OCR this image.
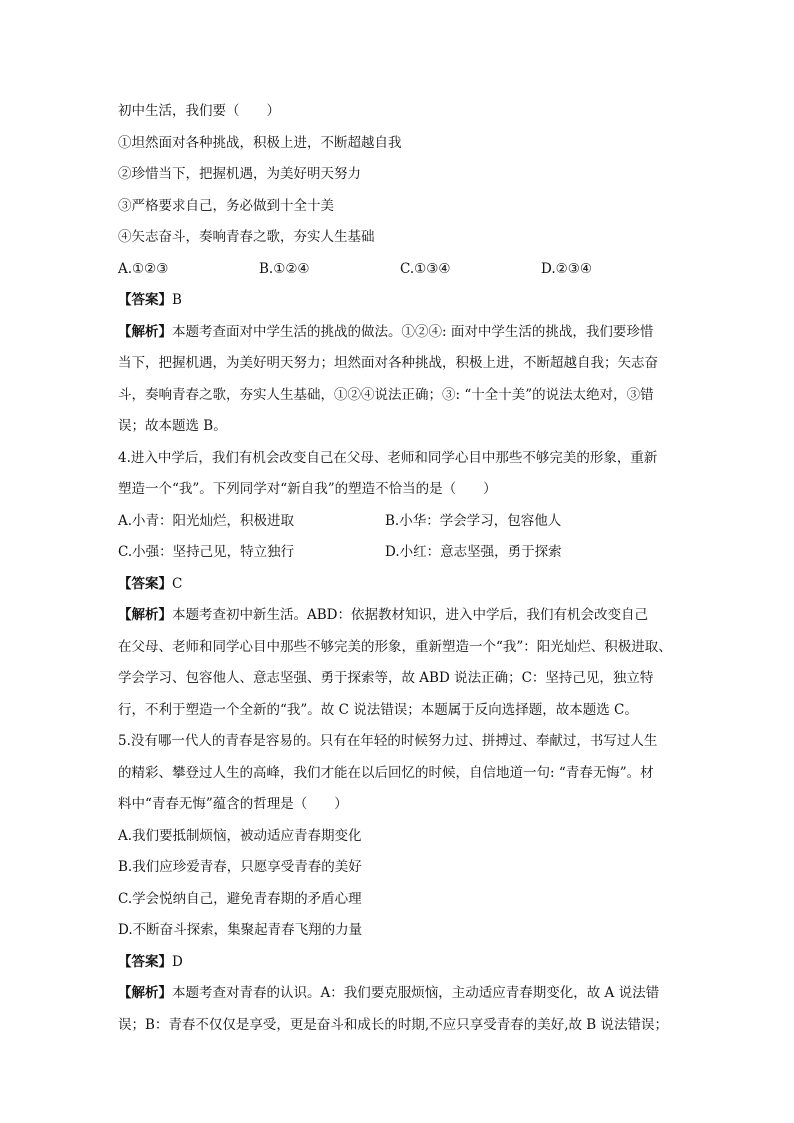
初中生活，我们要（　　）

①坦然面对各种挑战，积极上进，不断超越自我

②珍惜当下，把握机遇，为美好明天努力

③严格要求自己，务必做到十全十美

④矢志奋斗，奏响青春之歌，夯实人生基础

A.①②③	B.①②④	C.①③④	D.②③④

【答案】B

【解析】本题考查面对中学生活的挑战的做法。①②④: 面对中学生活的挑战，我们要珍惜

当下，把握机遇，为美好明天努力；坦然面对各种挑战，积极上进，不断超越自我；矢志奋

斗，奏响青春之歌，夯实人生基础，①②④说法正确；③: “十全十美”的说法太绝对，③错

误；故本题选 B。

4.进入中学后，我们有机会改变自己在父母、老师和同学心目中那些不够完美的形象，重新

塑造一个“我”。下列同学对“新自我”的塑造不恰当的是（　　）

A.小青：阳光灿烂，积极进取	B.小华：学会学习，包容他人
C.小强：坚持己见，特立独行	D.小红：意志坚强，勇于探索

【答案】C

【解析】本题考查初中新生活。ABD：依据教材知识，进入中学后，我们有机会改变自己

在父母、老师和同学心目中那些不够完美的形象，重新塑造一个“我”：阳光灿烂、积极进取、

学会学习、包容他人、意志坚强、勇于探索等，故 ABD 说法正确；C：坚持己见，独立特

行，不利于塑造一个全新的“我”。故 C 说法错误；本题属于反向选择题，故本题选 C。

5.没有哪一代人的青春是容易的。只有在年轻的时候努力过、拼搏过、奉献过，书写过人生

的精彩、攀登过人生的高峰，我们才能在以后回忆的时候，自信地道一句: “青春无悔”。材

料中“青春无悔”蕴含的哲理是（　　）

A.我们要抵制烦恼，被动适应青春期变化

B.我们应珍爱青春，只愿享受青春的美好

C.学会悦纳自己，避免青春期的矛盾心理

D.不断奋斗探索，集聚起青春飞翔的力量

【答案】D

【解析】本题考查对青春的认识。A：我们要克服烦恼，主动适应青春期变化，故 A 说法错

误；B：青春不仅仅是享受，更是奋斗和成长的时期,不应只享受青春的美好,故 B 说法错误；
